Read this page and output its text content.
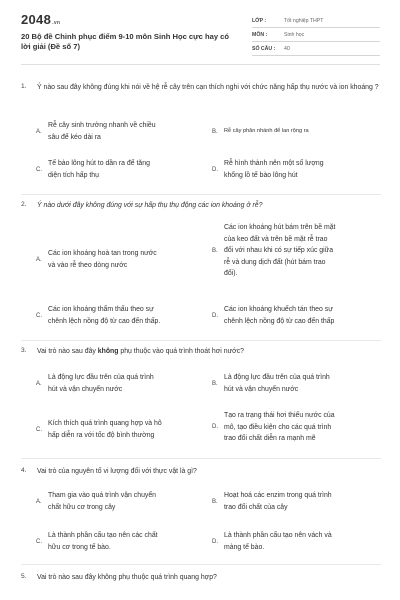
2048.vn
20 Bộ đề Chinh phục điểm 9-10 môn Sinh Học cực hay có lời giải (Đề số 7)
LỚP :	Tốt nghiệp THPT
MÔN :	Sinh học
SỐ CÂU :	40
1.	Ý nào sau đây không đúng khi nói về hệ rễ cây trên cạn thích nghi với chức năng hấp thụ nước và ion khoáng ?
A.
Rễ cây sinh trưởng nhanh về chiều
sâu để kéo dài ra
B.	Rễ cây phân nhánh để lan rộng ra
C.
Tế bào lông hút to dần ra để tăng
diện tích hấp thụ
D.
Rễ hình thành nên một số lượng
khổng lồ tế bào lông hút
2.	Ý nào dưới đây không đúng với sự hấp thụ thụ động các ion khoáng ở rễ?
A.
Các ion khoáng hoà tan trong nước
và vào rễ theo dòng nước
B.
Các ion khoáng hút bám trên bề mặt
của keo đất và trên bề mặt rễ trao
đổi với nhau khi có sự tiếp xúc giữa
rễ và dung dịch đất (hút bám trao
đổi).
C.
Các ion khoáng thẩm thấu theo sự
chênh lệch nồng độ từ cao đến thấp.
D.
Các ion khoáng khuếch tán theo sự
chênh lệch nồng độ từ cao đến thấp
3.	Vai trò nào sau đây không phụ thuộc vào quá trình thoát hơi nước?
A.
Là động lực đầu trên của quá trình
hút và vận chuyển nước
B.
Là động lực đầu trên của quá trình
hút và vận chuyển nước
C.
Kích thích quá trình quang hợp và hô
hấp diễn ra với tốc độ bình thường
D.
Tạo ra trạng thái hơi thiếu nước của
mô, tạo điều kiện cho các quá trình
trao đổi chất diễn ra mạnh mẽ
4.	Vai trò của nguyên tố vi lượng đối với thực vật là gì?
A.
Tham gia vào quá trình vận chuyển
chất hữu cơ trong cây
B.
Hoạt hoá các enzim trong quá trình
trao đổi chất của cây
C.
Là thành phần cấu tạo nên các chất
hữu cơ trong tế bào.
D.
Là thành phần cấu tạo nên vách và
màng tế bào.
5.	Vai trò nào sau đây không phụ thuộc quá trình quang hợp?
